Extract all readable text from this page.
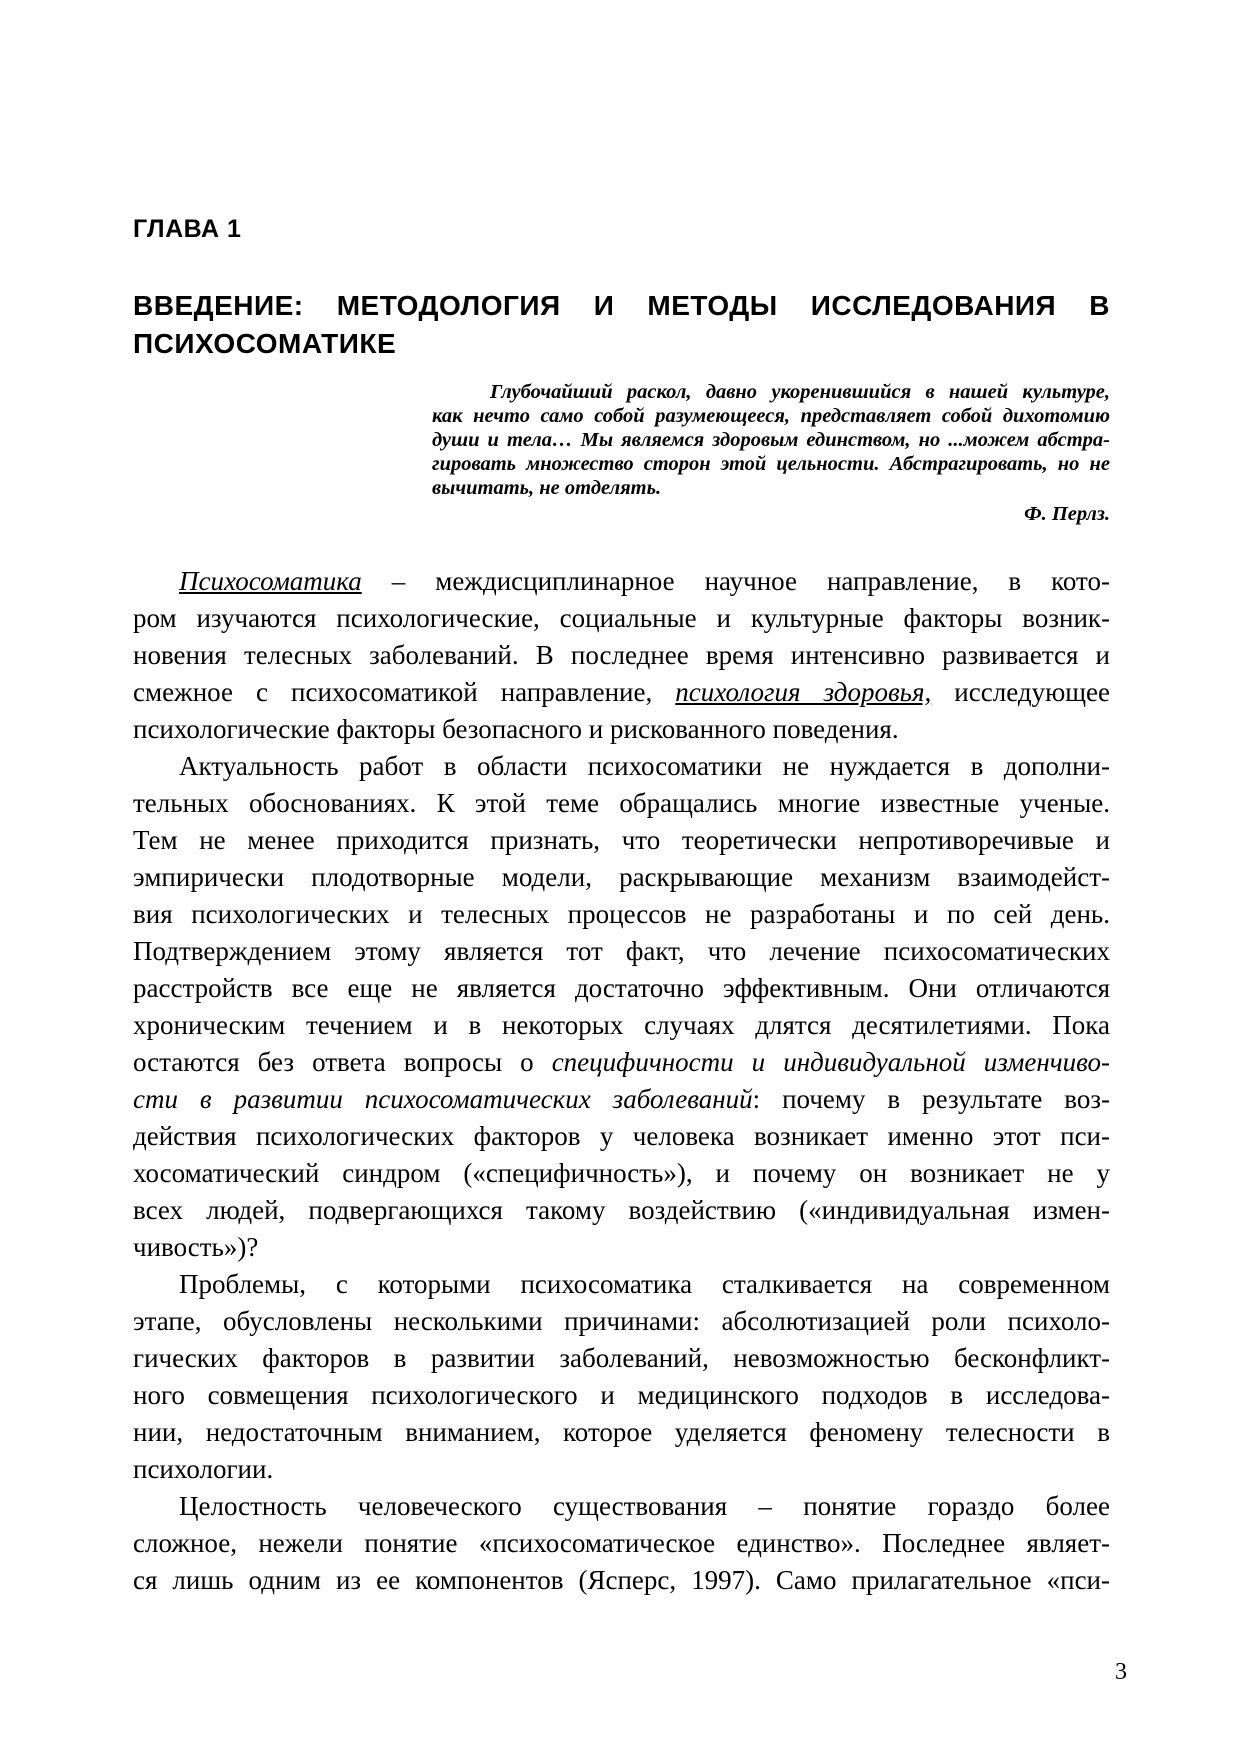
ГЛАВА 1
ВВЕДЕНИЕ: МЕТОДОЛОГИЯ И МЕТОДЫ ИССЛЕДОВАНИЯ В
ПСИХОСОМАТИКЕ
Глубочайший раскол, давно укоренившийся в нашей культуре,
как нечто само собой разумеющееся, представляет собой дихотомию
души и тела… Мы являемся здоровым единством, но ...можем абстра-
гировать множество сторон этой цельности. Абстрагировать, но не
вычитать, не отделять.
Ф. Перлз.
Психосоматика – междисциплинарное научное направление, в кото-
ром изучаются психологические, социальные и культурные факторы возник-
новения телесных заболеваний. В последнее время интенсивно развивается и
смежное с психосоматикой направление, психология здоровья, исследующее
психологические факторы безопасного и рискованного поведения.
Актуальность работ в области психосоматики не нуждается в дополни-
тельных обоснованиях. К этой теме обращались многие известные ученые.
Тем не менее приходится признать, что теоретически непротиворечивые и
эмпирически плодотворные модели, раскрывающие механизм взаимодейст-
вия психологических и телесных процессов не разработаны и по сей день.
Подтверждением этому является тот факт, что лечение психосоматических
расстройств все еще не является достаточно эффективным. Они отличаются
хроническим течением и в некоторых случаях длятся десятилетиями. Пока
остаются без ответа вопросы о специфичности и индивидуальной изменчиво-
сти в развитии психосоматических заболеваний: почему в результате воз-
действия психологических факторов у человека возникает именно этот пси-
хосоматический синдром («специфичность»), и почему он возникает не у
всех людей, подвергающихся такому воздействию («индивидуальная измен-
чивость»)?
Проблемы, с которыми психосоматика сталкивается на современном
этапе, обусловлены несколькими причинами: абсолютизацией роли психоло-
гических факторов в развитии заболеваний, невозможностью бесконфликт-
ного совмещения психологического и медицинского подходов в исследова-
нии, недостаточным вниманием, которое уделяется феномену телесности в
психологии.
Целостность человеческого существования – понятие гораздо более
сложное, нежели понятие «психосоматическое единство». Последнее являет-
ся лишь одним из ее компонентов (Ясперс, 1997). Само прилагательное «пси-
3
